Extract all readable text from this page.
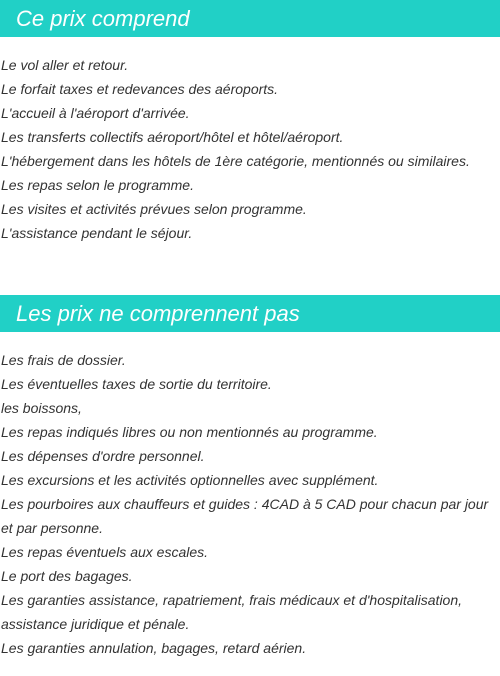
Ce prix comprend
Le vol aller et retour.
Le forfait taxes et redevances des aéroports.
L'accueil à l'aéroport d'arrivée.
Les transferts collectifs aéroport/hôtel et hôtel/aéroport.
L'hébergement dans les hôtels de 1ère catégorie, mentionnés ou similaires.
Les repas selon le programme.
Les visites et activités prévues selon programme.
L'assistance pendant le séjour.
Les prix ne comprennent pas
Les frais de dossier.
Les éventuelles taxes de sortie du territoire.
les boissons,
Les repas indiqués libres ou non mentionnés au programme.
Les dépenses d'ordre personnel.
Les excursions et les activités optionnelles avec supplément.
Les pourboires aux chauffeurs et guides : 4CAD à 5 CAD pour chacun par jour et par personne.
Les repas éventuels aux escales.
Le port des bagages.
Les garanties assistance, rapatriement, frais médicaux et d'hospitalisation, assistance juridique et pénale.
Les garanties annulation, bagages, retard aérien.
